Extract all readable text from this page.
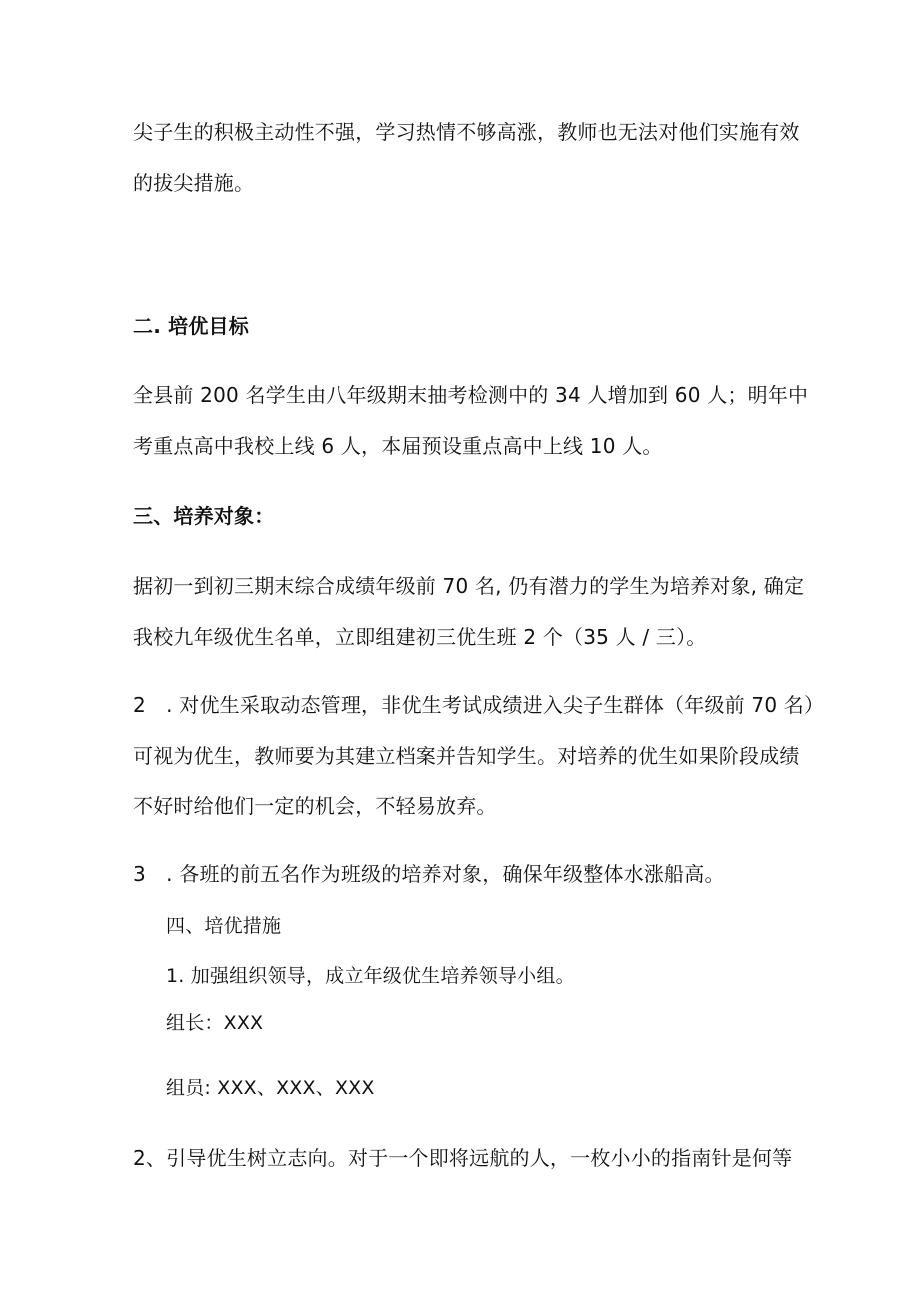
尖子生的积极主动性不强，学习热情不够高涨，教师也无法对他们实施有效
的拔尖措施。
二. 培优目标
全县前 200 名学生由八年级期末抽考检测中的 34 人增加到 60 人；明年中
考重点高中我校上线 6 人，本届预设重点高中上线 10 人。
三、培养对象：
据初一到初三期末综合成绩年级前 70 名, 仍有潜力的学生为培养对象, 确定
我校九年级优生名单，立即组建初三优生班 2 个（35 人 / 三）。
2　. 对优生采取动态管理，非优生考试成绩进入尖子生群体（年级前 70 名）
可视为优生，教师要为其建立档案并告知学生。对培养的优生如果阶段成绩
不好时给他们一定的机会，不轻易放弃。
3　. 各班的前五名作为班级的培养对象，确保年级整体水涨船高。
四、培优措施
1. 加强组织领导，成立年级优生培养领导小组。
组长：XXX
组员: XXX、XXX、XXX
2、引导优生树立志向。对于一个即将远航的人，一枚小小的指南针是何等
